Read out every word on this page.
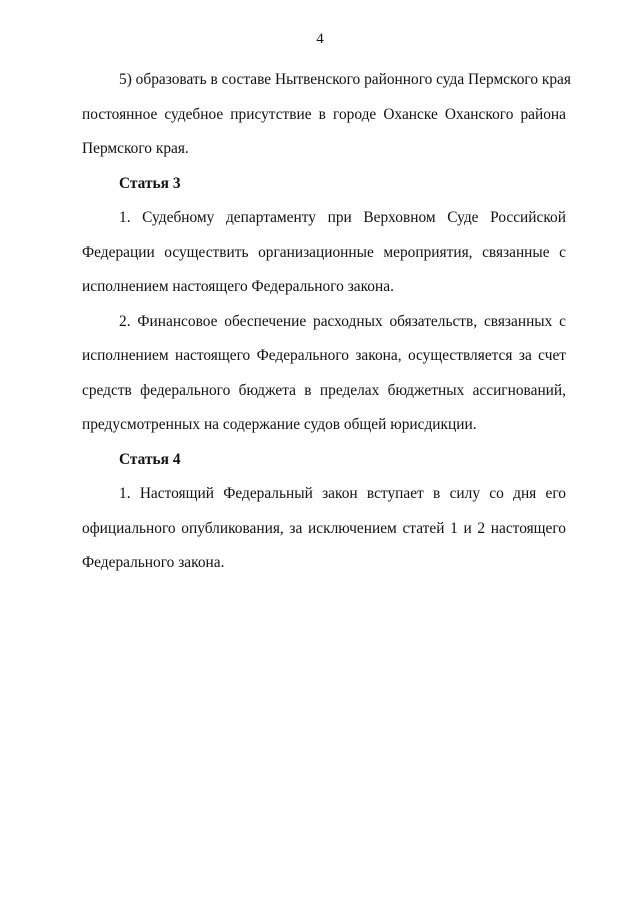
4
5) образовать в составе Нытвенского районного суда Пермского края
постоянное судебное присутствие в городе Оханске Оханского района
Пермского края.
Статья 3
1. Судебному департаменту при Верховном Суде Российской
Федерации осуществить организационные мероприятия, связанные с
исполнением настоящего Федерального закона.
2. Финансовое обеспечение расходных обязательств, связанных с
исполнением настоящего Федерального закона, осуществляется за счет
средств федерального бюджета в пределах бюджетных ассигнований,
предусмотренных на содержание судов общей юрисдикции.
Статья 4
1. Настоящий Федеральный закон вступает в силу со дня его
официального опубликования, за исключением статей 1 и 2 настоящего
Федерального закона.
